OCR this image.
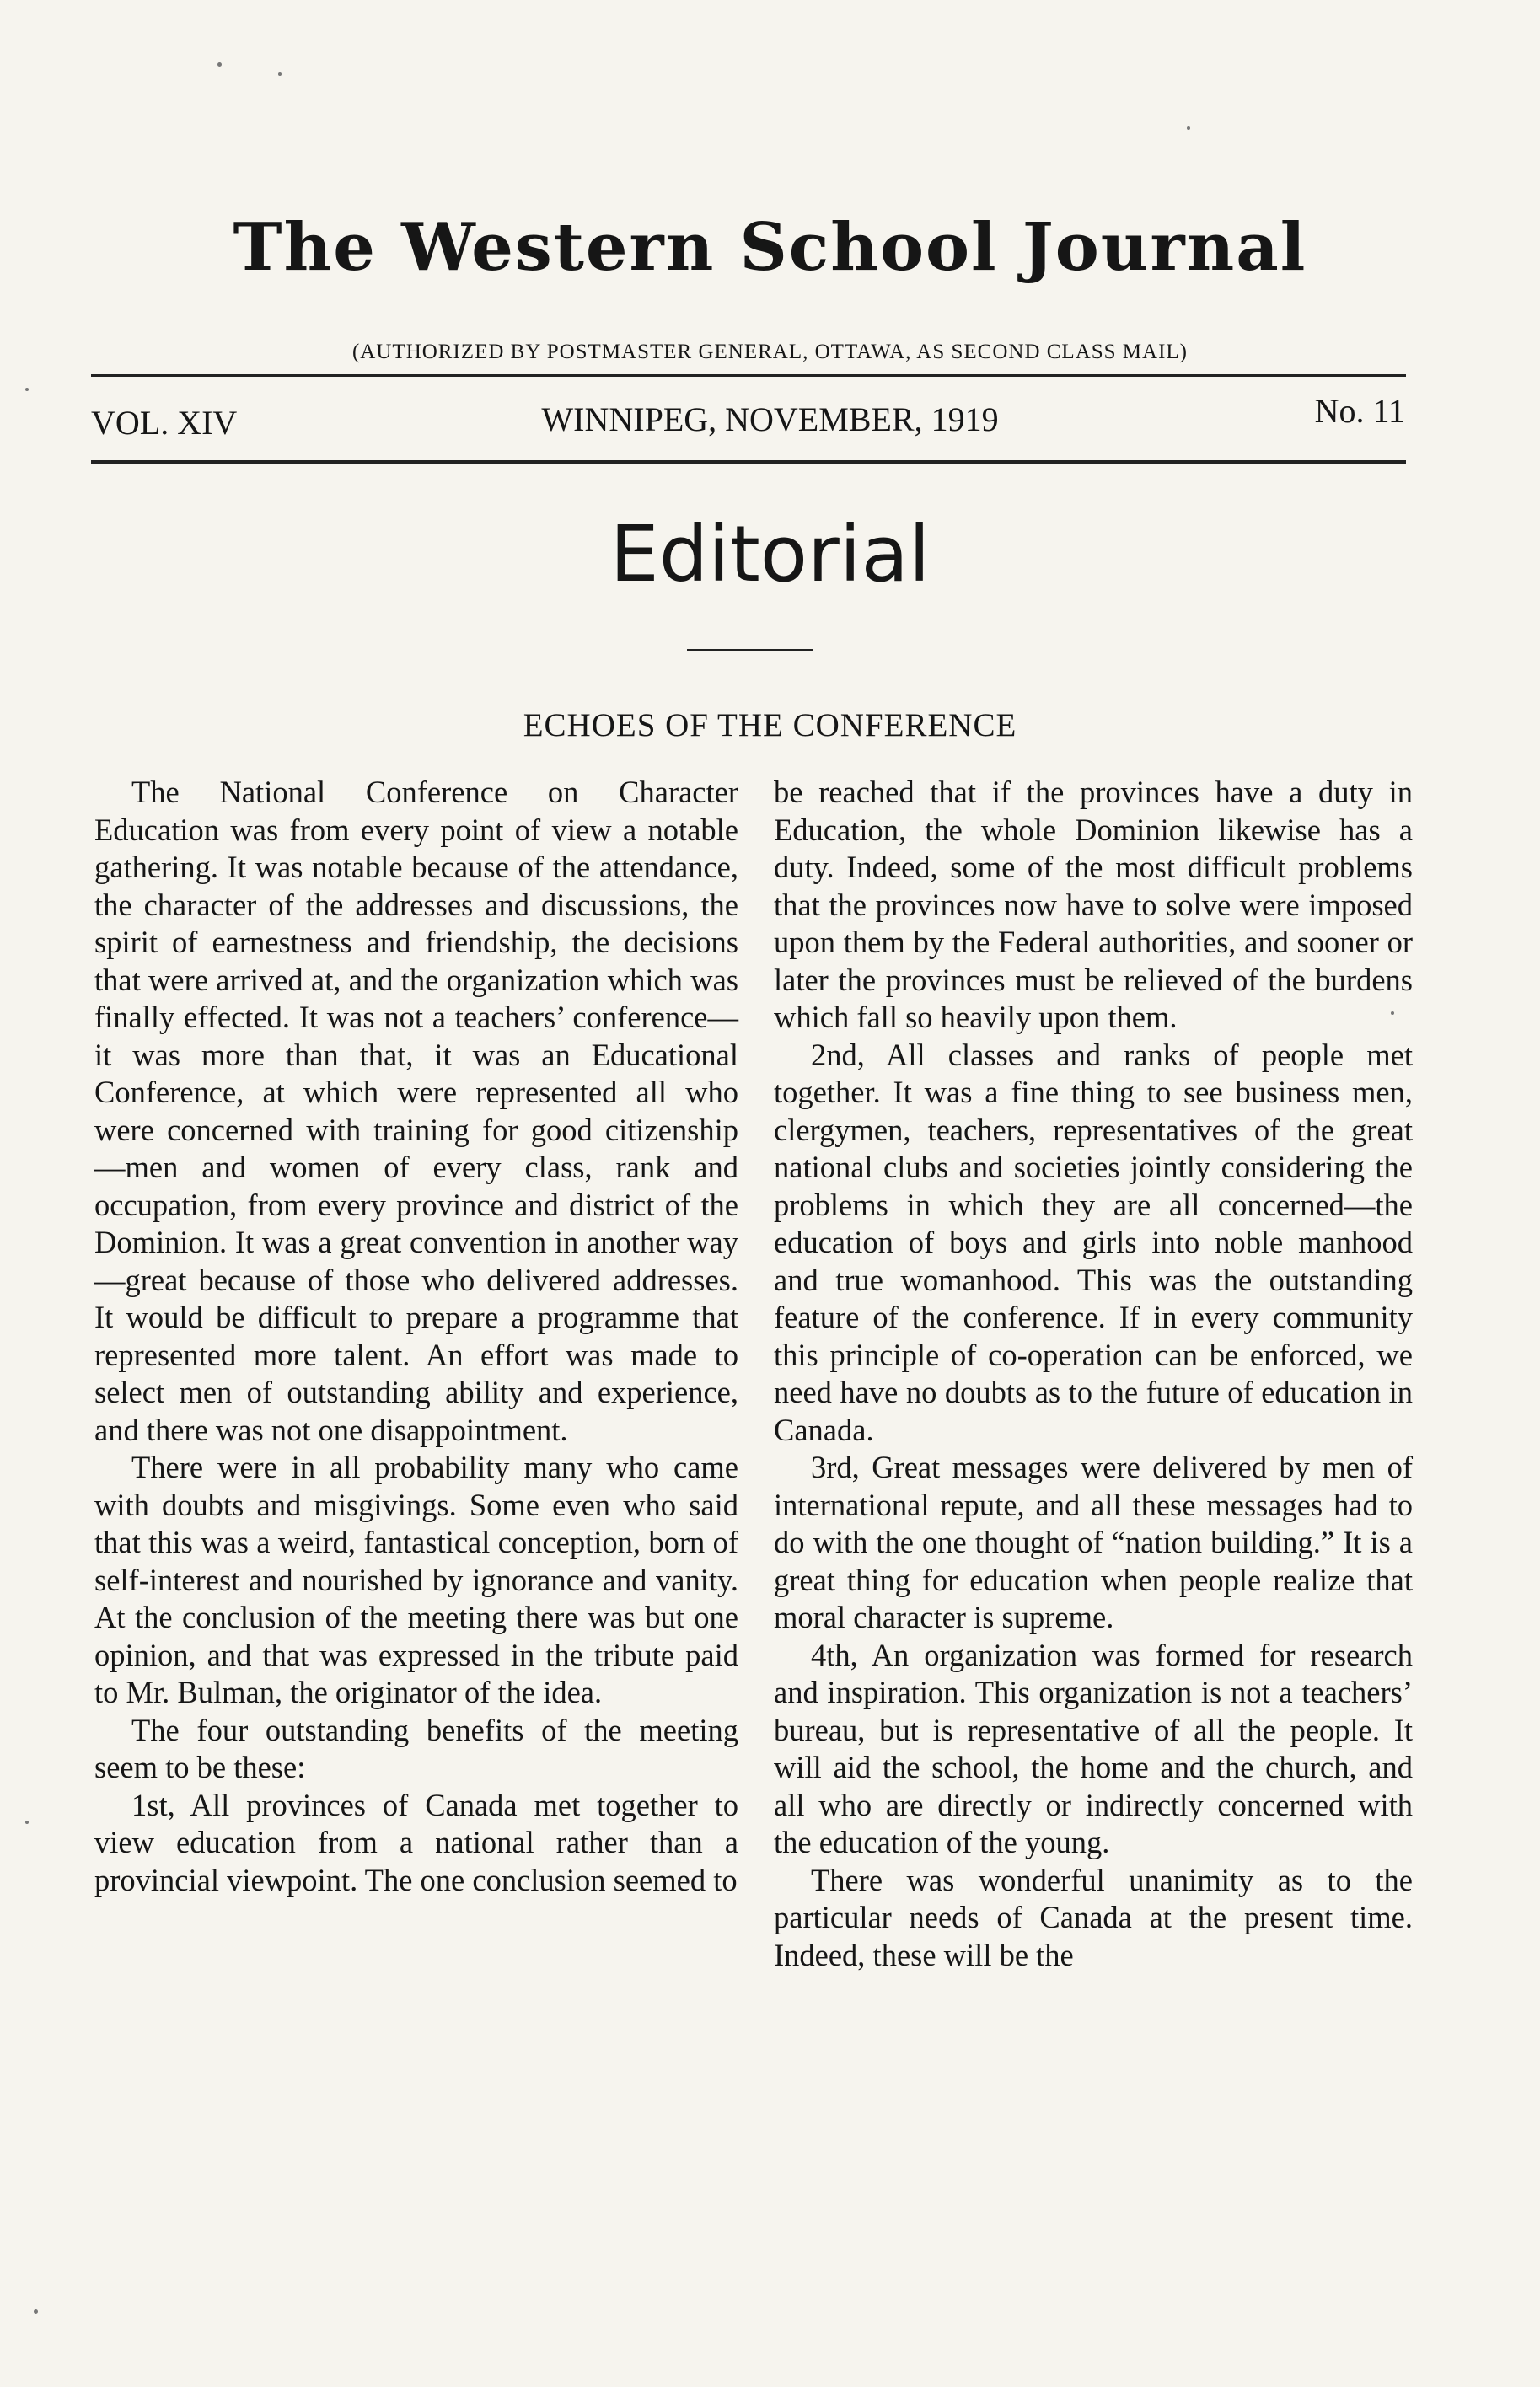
The Western School Journal
(AUTHORIZED BY POSTMASTER GENERAL, OTTAWA, AS SECOND CLASS MAIL)
VOL. XIV	WINNIPEG, NOVEMBER, 1919	No. 11
Editorial
ECHOES OF THE CONFERENCE

The National Conference on Character Education was from every point of view a notable gathering. It was notable because of the attendance, the character of the addresses and discussions, the spirit of earnestness and friendship, the decisions that were arrived at, and the organization which was finally effected. It was not a teachers’ conference—it was more than that, it was an Educational Conference, at which were represented all who were concerned with training for good citizenship—men and women of every class, rank and occupation, from every province and district of the Dominion. It was a great convention in another way—great because of those who delivered addresses. It would be difficult to prepare a programme that represented more talent. An effort was made to select men of outstanding ability and experience, and there was not one disappointment.

There were in all probability many who came with doubts and misgivings. Some even who said that this was a weird, fantastical conception, born of self-interest and nourished by ignorance and vanity. At the conclusion of the meeting there was but one opinion, and that was expressed in the tribute paid to Mr. Bulman, the originator of the idea.

The four outstanding benefits of the meeting seem to be these:

1st, All provinces of Canada met together to view education from a national rather than a provincial viewpoint. The one conclusion seemed to

be reached that if the provinces have a duty in Education, the whole Dominion likewise has a duty. Indeed, some of the most difficult problems that the provinces now have to solve were imposed upon them by the Federal authorities, and sooner or later the provinces must be relieved of the burdens which fall so heavily upon them.

2nd, All classes and ranks of people met together. It was a fine thing to see business men, clergymen, teachers, representatives of the great national clubs and societies jointly considering the problems in which they are all concerned—the education of boys and girls into noble manhood and true womanhood. This was the outstanding feature of the conference. If in every community this principle of co-operation can be enforced, we need have no doubts as to the future of education in Canada.

3rd, Great messages were delivered by men of international repute, and all these messages had to do with the one thought of “nation building.” It is a great thing for education when people realize that moral character is supreme.

4th, An organization was formed for research and inspiration. This organization is not a teachers’ bureau, but is representative of all the people. It will aid the school, the home and the church, and all who are directly or indirectly concerned with the education of the young.

There was wonderful unanimity as to the particular needs of Canada at the present time. Indeed, these will be the
